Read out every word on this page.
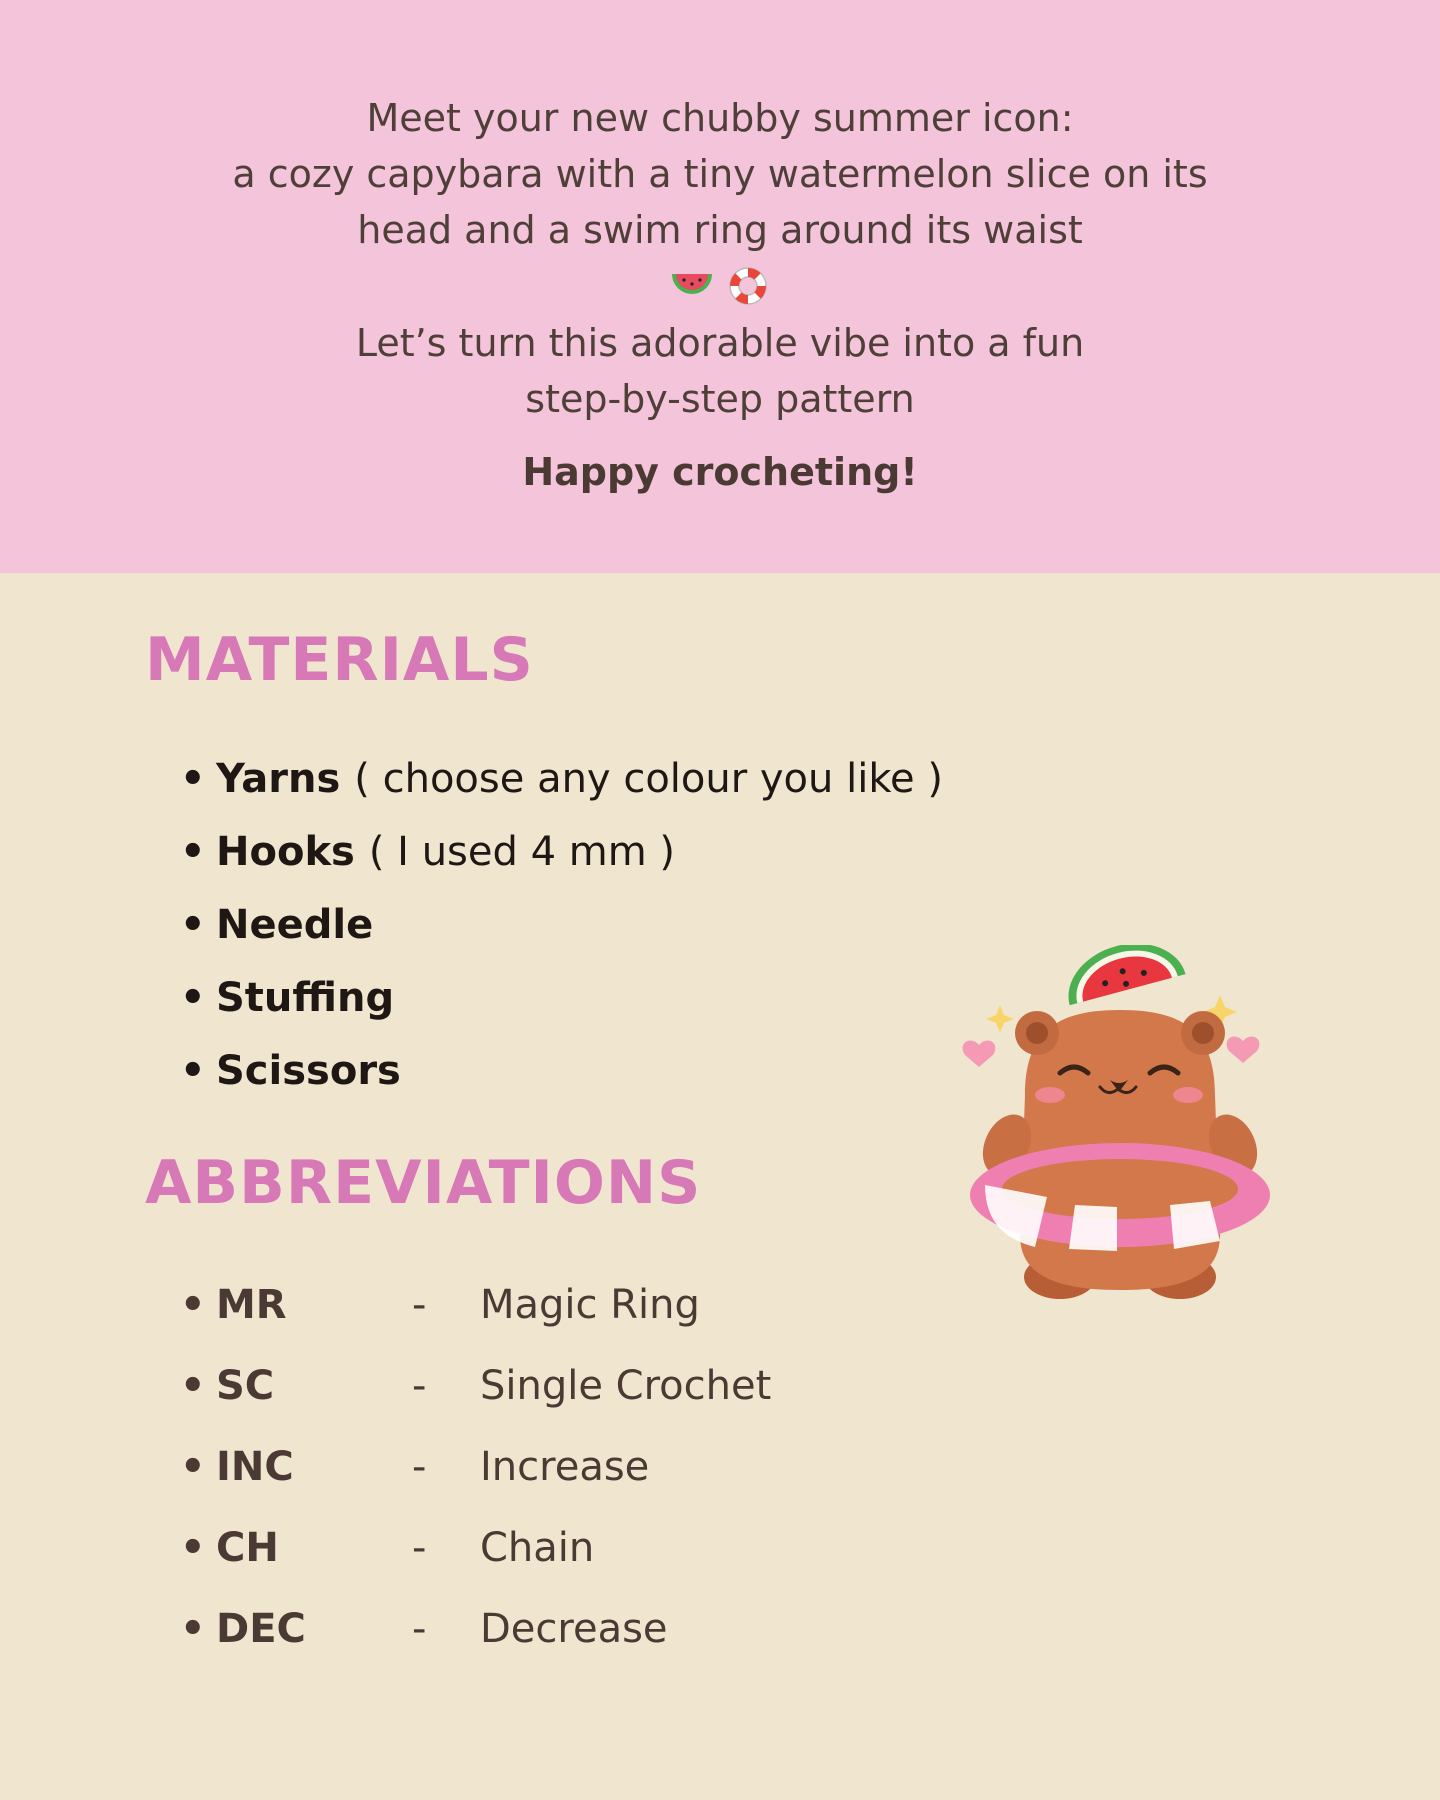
Meet your new chubby summer icon:
a cozy capybara with a tiny watermelon slice on its
head and a swim ring around its waist
Let’s turn this adorable vibe into a fun
step-by-step pattern
Happy crocheting!
MATERIALS
• Yarns ( choose any colour you like )
• Hooks ( I used 4 mm )
• Needle
• Stuffing
• Scissors
ABBREVIATIONS
• MR	- Magic Ring
• SC	- Single Crochet
• INC	- Increase
• CH	- Chain
• DEC	- Decrease
